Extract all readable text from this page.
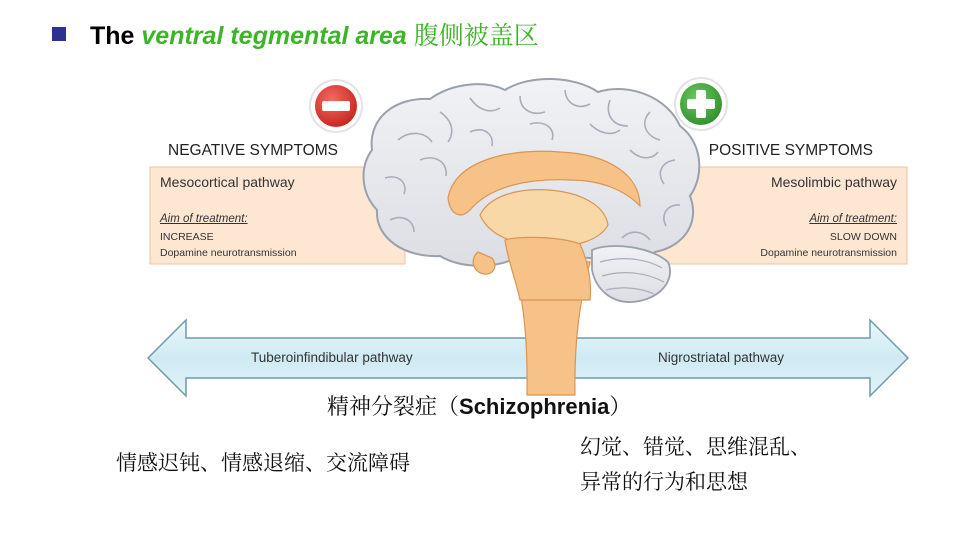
The ventral tegmental area 腹侧被盖区
NEGATIVE SYMPTOMS
Mesocortical pathway
Aim of treatment:
INCREASE
Dopamine neurotransmission
POSITIVE SYMPTOMS
Mesolimbic pathway
Aim of treatment:
SLOW DOWN
Dopamine neurotransmission
Tuberoinfindibular pathway	Nigrostriatal pathway
精神分裂症（Schizophrenia）
情感迟钝、情感退缩、交流障碍
幻觉、错觉、思维混乱、
异常的行为和思想
